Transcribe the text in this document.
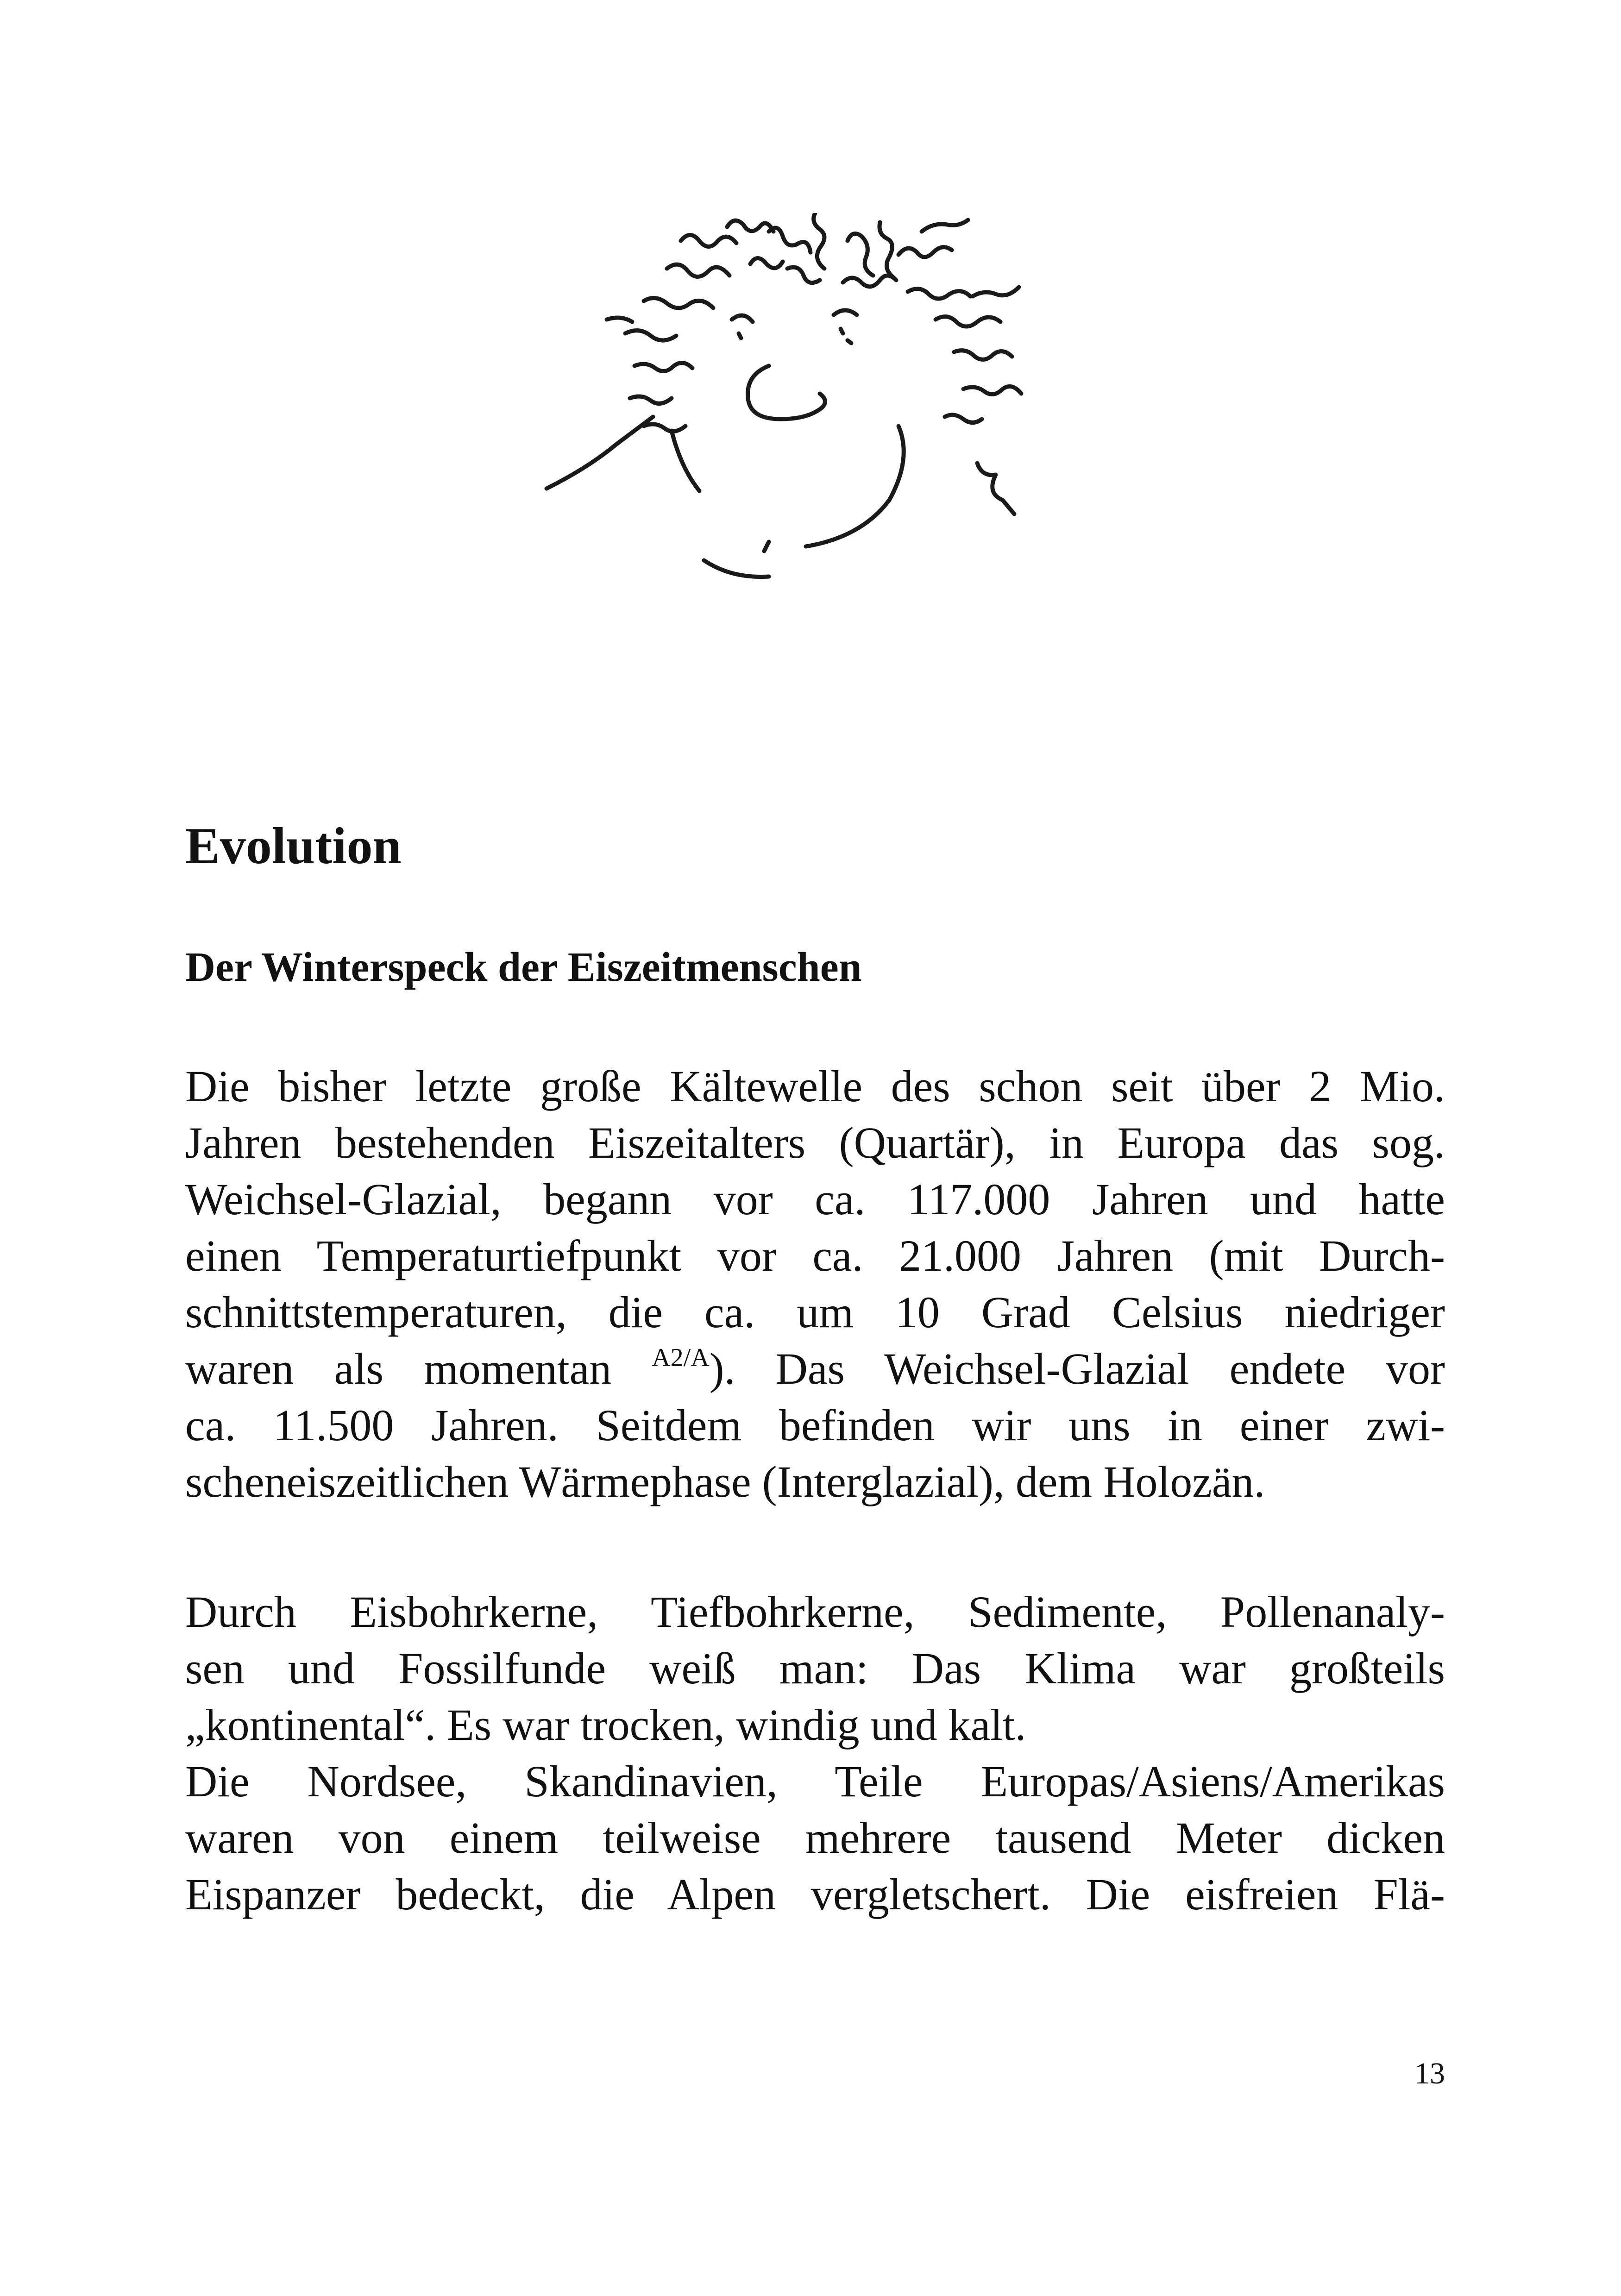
Evolution
Der Winterspeck der Eiszeitmenschen
Die bisher letzte große Kältewelle des schon seit über 2 Mio.
Jahren bestehenden Eiszeitalters (Quartär), in Europa das sog.
Weichsel-Glazial, begann vor ca. 117.000 Jahren und hatte
einen Temperaturtiefpunkt vor ca. 21.000 Jahren (mit Durch-
schnittstemperaturen, die ca. um 10 Grad Celsius niedriger
waren als momentan $^{A2/A}$). Das Weichsel-Glazial endete vor
ca. 11.500 Jahren. Seitdem befinden wir uns in einer zwi-
scheneiszeitlichen Wärmephase (Interglazial), dem Holozän.
Durch Eisbohrkerne, Tiefbohrkerne, Sedimente, Pollenanaly-
sen und Fossilfunde weiß man: Das Klima war großteils
„kontinental“. Es war trocken, windig und kalt.
Die Nordsee, Skandinavien, Teile Europas/Asiens/Amerikas
waren von einem teilweise mehrere tausend Meter dicken
Eispanzer bedeckt, die Alpen vergletschert. Die eisfreien Flä-
13
